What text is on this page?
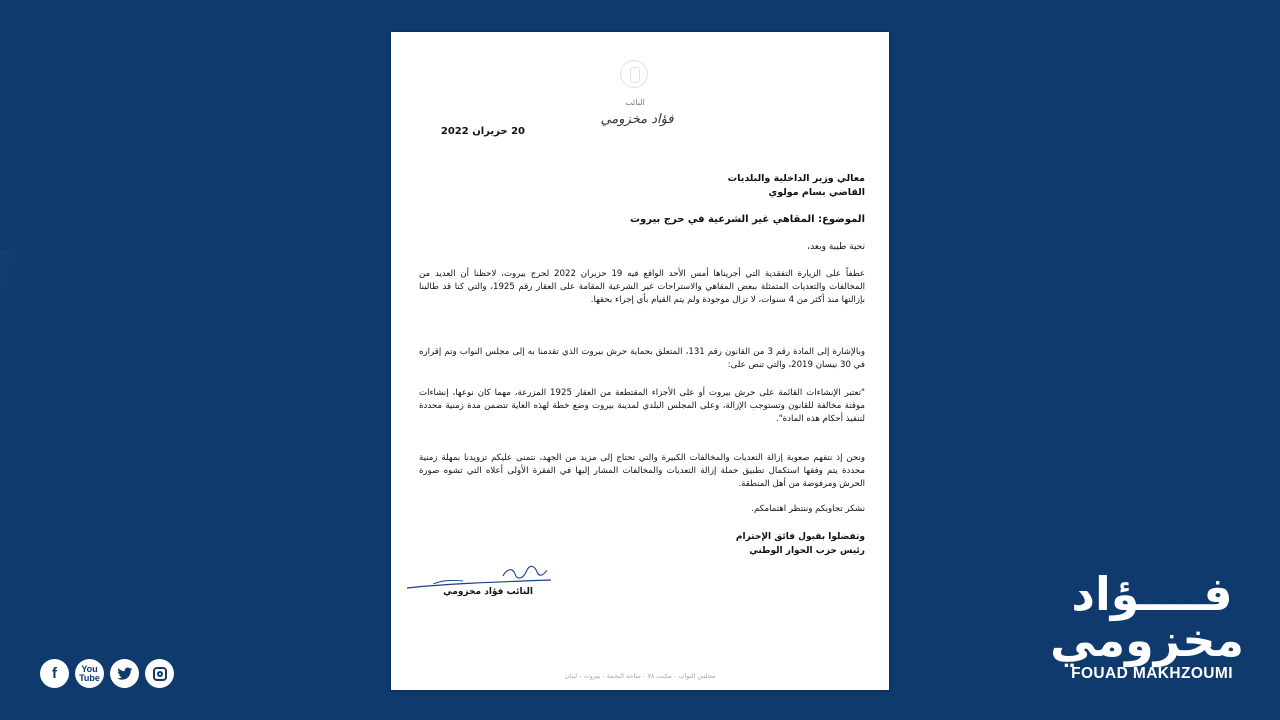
النائب
فؤاد مخزومي
20 حزيران 2022
معالي وزير الداخلية والبلديات
القاضي بسام مولوي
الموضوع: المقاهي غير الشرعية في حرج بيروت
تحية طيبة وبعد،
عطفاً على الزيارة التفقدية التي أجريناها أمس الأحد الواقع فيه 19 حزيران 2022 لحرج بيروت، لاحظنا أن العديد من المخالفات والتعديات المتمثلة ببعض المقاهي والاستراحات غير الشرعية المقامة على العقار رقم 1925، والتي كنا قد طالبنا بإزالتها منذ أكثر من 4 سنوات، لا تزال موجودة ولم يتم القيام بأي إجراء بحقها.
وبالإشارة إلى المادة رقم 3 من القانون رقم 131، المتعلق بحماية حرش بيروت الذي تقدمنا به إلى مجلس النواب وتم إقراره في 30 نيسان 2019، والتي تنص على:
"تعتبر الإنشاءات القائمة على حرش بيروت أو على الأجزاء المقتطعة من العقار 1925 المزرعة، مهما كان نوعها، إنشاءات موقتة مخالفة للقانون وتستوجب الإزالة، وعلى المجلس البلدي لمدينة بيروت وضع خطة لهذه الغاية تتضمن مدة زمنية محددة لتنفيذ أحكام هذه المادة".
ونحن إذ نتفهم صعوبة إزالة التعديات والمخالفات الكبيرة والتي تحتاج إلى مزيد من الجهد، نتمنى عليكم تزويدنا بمهلة زمنية محددة يتم وفقها استكمال تطبيق حملة إزالة التعديات والمخالفات المشار إليها في الفقرة الأولى أعلاه التي تشوه صورة الحرش ومرفوضة من أهل المنطقة.
نشكر تجاوبكم وننتظر اهتمامكم.
وتفضلوا بقبول فائق الإحترام
رئيس حزب الحوار الوطني
النائب فؤاد مخزومي
مجلس النواب - مكتب ٧٨ - ساحة النجمة - بيروت - لبنان
f	You
Tube
فــــؤاد
مخزومي
FOUAD MAKHZOUMI
